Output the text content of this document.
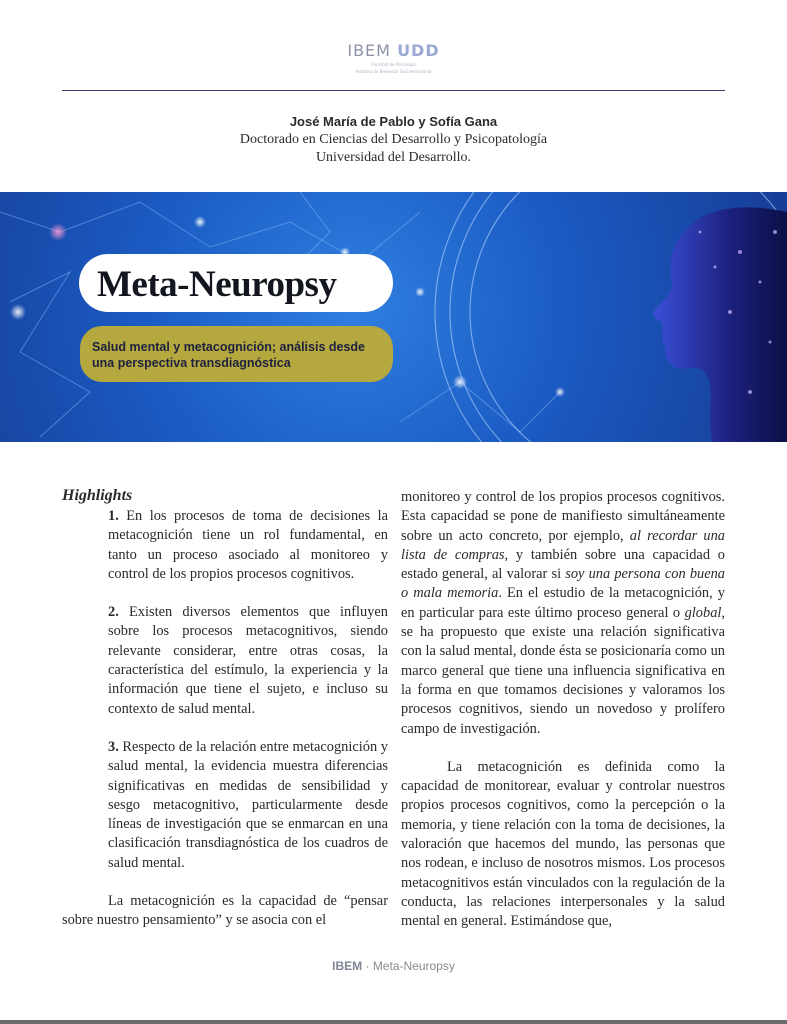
IBEM UDD
Facultad de Psicología
Instituto de Bienestar Socioemocional
José María de Pablo y Sofía Gana
Doctorado en Ciencias del Desarrollo y Psicopatología
Universidad del Desarrollo.
Meta-Neuropsy
Salud mental y metacognición; análisis desde una perspectiva transdiagnóstica

Highlights

1. En los procesos de toma de decisiones la metacognición tiene un rol fundamental, en tanto un proceso asociado al monitoreo y control de los propios procesos cognitivos.

2. Existen diversos elementos que influyen sobre los procesos metacognitivos, siendo relevante considerar, entre otras cosas, la característica del estímulo, la experiencia y la información que tiene el sujeto, e incluso su contexto de salud mental.

3. Respecto de la relación entre metacognición y salud mental, la evidencia muestra diferencias significativas en medidas de sensibilidad y sesgo metacognitivo, particularmente desde líneas de investigación que se enmarcan en una clasificación transdiagnóstica de los cuadros de salud mental.

La metacognición es la capacidad de “pensar sobre nuestro pensamiento” y se asocia con el

monitoreo y control de los propios procesos cognitivos. Esta capacidad se pone de manifiesto simultáneamente sobre un acto concreto, por ejemplo, al recordar una lista de compras, y también sobre una capacidad o estado general, al valorar si soy una persona con buena o mala memoria. En el estudio de la metacognición, y en particular para este último proceso general o global, se ha propuesto que existe una relación significativa con la salud mental, donde ésta se posicionaría como un marco general que tiene una influencia significativa en la forma en que tomamos decisiones y valoramos los procesos cognitivos, siendo un novedoso y prolífero campo de investigación.

La metacognición es definida como la capacidad de monitorear, evaluar y controlar nuestros propios procesos cognitivos, como la percepción o la memoria, y tiene relación con la toma de decisiones, la valoración que hacemos del mundo, las personas que nos rodean, e incluso de nosotros mismos. Los procesos metacognitivos están vinculados con la regulación de la conducta, las relaciones interpersonales y la salud mental en general. Estimándose que,

IBEM · Meta-Neuropsy
